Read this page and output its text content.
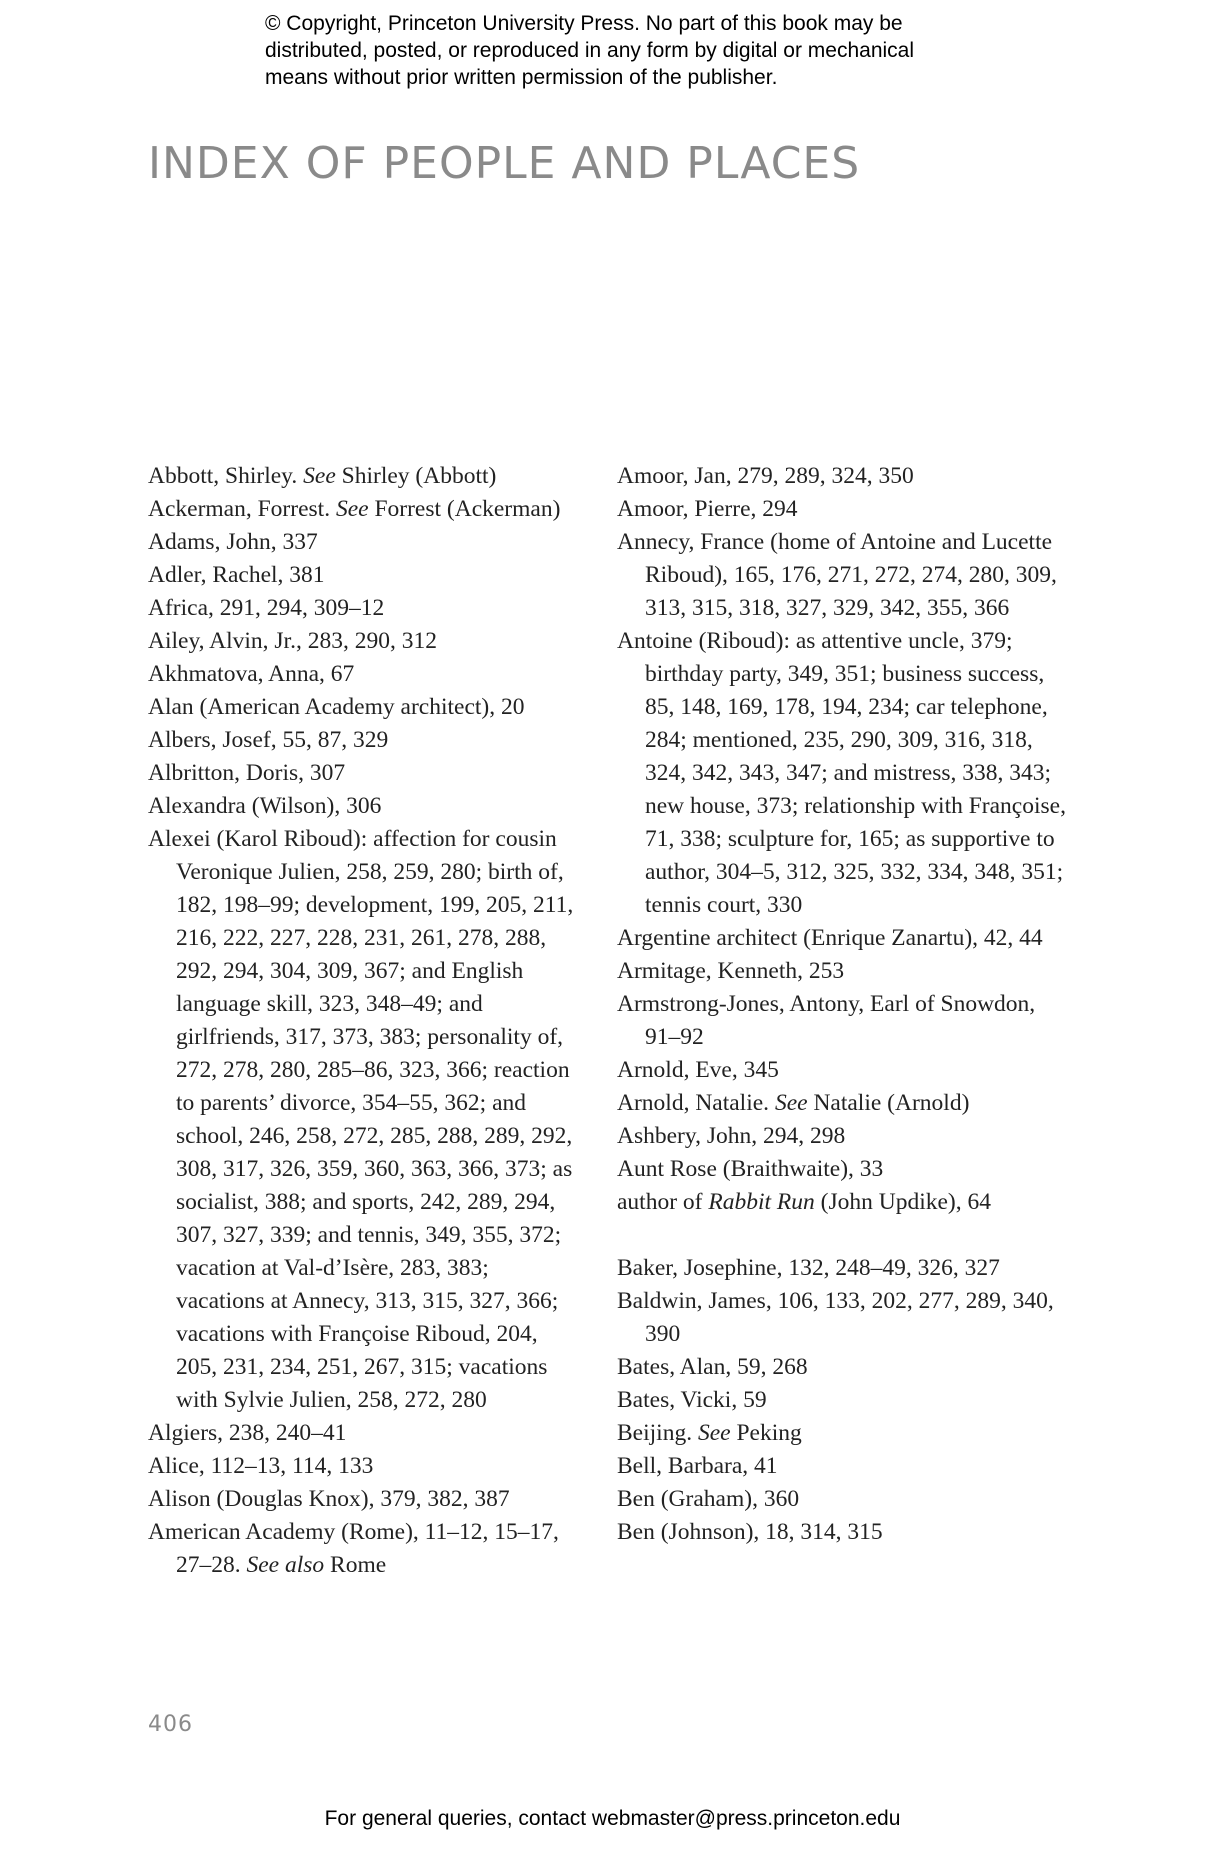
© Copyright, Princeton University Press. No part of this book may be
distributed, posted, or reproduced in any form by digital or mechanical
means without prior written permission of the publisher.
INDEX OF PEOPLE AND PLACES
Abbott, Shirley. See Shirley (Abbott)
Ackerman, Forrest. See Forrest (Ackerman)
Adams, John, 337
Adler, Rachel, 381
Africa, 291, 294, 309–12
Ailey, Alvin, Jr., 283, 290, 312
Akhmatova, Anna, 67
Alan (American Academy architect), 20
Albers, Josef, 55, 87, 329
Albritton, Doris, 307
Alexandra (Wilson), 306
Alexei (Karol Riboud): affection for cousin Veronique Julien, 258, 259, 280; birth of, 182, 198–99; development, 199, 205, 211, 216, 222, 227, 228, 231, 261, 278, 288, 292, 294, 304, 309, 367; and English language skill, 323, 348–49; and girlfriends, 317, 373, 383; personality of, 272, 278, 280, 285–86, 323, 366; reaction to parents’ divorce, 354–55, 362; and school, 246, 258, 272, 285, 288, 289, 292, 308, 317, 326, 359, 360, 363, 366, 373; as socialist, 388; and sports, 242, 289, 294, 307, 327, 339; and tennis, 349, 355, 372; vacation at Val-d’Isère, 283, 383; vacations at Annecy, 313, 315, 327, 366; vacations with Françoise Riboud, 204, 205, 231, 234, 251, 267, 315; vacations with Sylvie Julien, 258, 272, 280
Algiers, 238, 240–41
Alice, 112–13, 114, 133
Alison (Douglas Knox), 379, 382, 387
American Academy (Rome), 11–12, 15–17, 27–28. See also Rome
Amoor, Jan, 279, 289, 324, 350
Amoor, Pierre, 294
Annecy, France (home of Antoine and Lucette Riboud), 165, 176, 271, 272, 274, 280, 309, 313, 315, 318, 327, 329, 342, 355, 366
Antoine (Riboud): as attentive uncle, 379; birthday party, 349, 351; business success, 85, 148, 169, 178, 194, 234; car telephone, 284; mentioned, 235, 290, 309, 316, 318, 324, 342, 343, 347; and mistress, 338, 343; new house, 373; relationship with Françoise, 71, 338; sculpture for, 165; as supportive to author, 304–5, 312, 325, 332, 334, 348, 351; tennis court, 330
Argentine architect (Enrique Zanartu), 42, 44
Armitage, Kenneth, 253
Armstrong-Jones, Antony, Earl of Snowdon, 91–92
Arnold, Eve, 345
Arnold, Natalie. See Natalie (Arnold)
Ashbery, John, 294, 298
Aunt Rose (Braithwaite), 33
author of Rabbit Run (John Updike), 64
Baker, Josephine, 132, 248–49, 326, 327
Baldwin, James, 106, 133, 202, 277, 289, 340, 390
Bates, Alan, 59, 268
Bates, Vicki, 59
Beijing. See Peking
Bell, Barbara, 41
Ben (Graham), 360
Ben (Johnson), 18, 314, 315
406
For general queries, contact webmaster@press.princeton.edu
